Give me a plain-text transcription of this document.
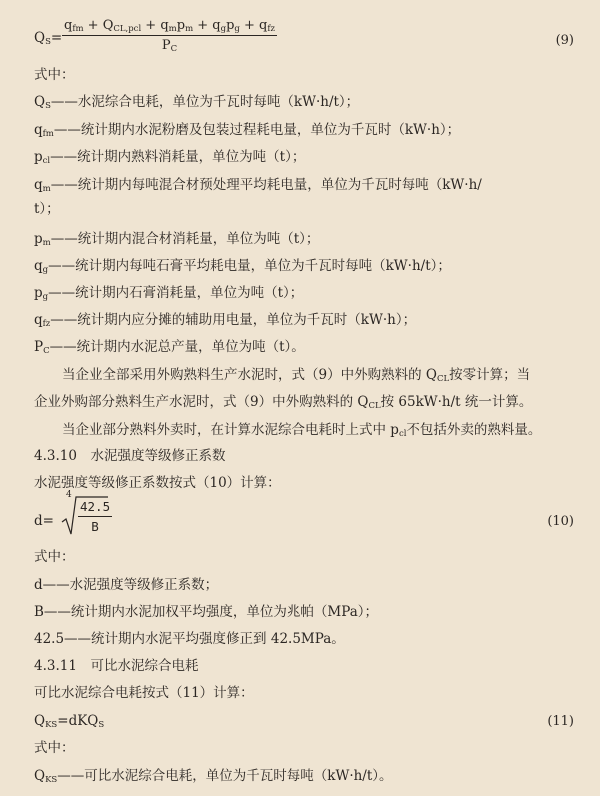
$Q_S=$
$q_{fm} + Q_{CL,pcl} + q_mp_m + q_gp_g + q_{fz}$
$P_C$
(9)
式中：
$Q_S——$水泥综合电耗，单位为千瓦时每吨（kW·h/t）；
$q_{fm}——$统计期内水泥粉磨及包装过程耗电量，单位为千瓦时（kW·h）；
$p_{cl}——$统计期内熟料消耗量，单位为吨（t）；
$q_m——$统计期内每吨混合材预处理平均耗电量，单位为千瓦时每吨（kW·h/
t）；
$p_m——$统计期内混合材消耗量，单位为吨（t）；
$q_g——$统计期内每吨石膏平均耗电量，单位为千瓦时每吨（kW·h/t）；
$p_g——$统计期内石膏消耗量，单位为吨（t）；
$q_{fz}——$统计期内应分摊的辅助用电量，单位为千瓦时（kW·h）；
$P_C——$统计期内水泥总产量，单位为吨（t）。
当企业全部采用外购熟料生产水泥时，式（9）中外购熟料的 $Q_{CL}$按零计算；当
企业外购部分熟料生产水泥时，式（9）中外购熟料的 $Q_{CL}$按 65kW·h/t 统一计算。
当企业部分熟料外卖时，在计算水泥综合电耗时上式中 $p_{cl}$不包括外卖的熟料量。
4.3.10　水泥强度等级修正系数
水泥强度等级修正系数按式（10）计算：
d=
4
$\frac{42.5}{B}$	(10)
式中：
d——水泥强度等级修正系数；
B——统计期内水泥加权平均强度，单位为兆帕（MPa）；
42.5——统计期内水泥平均强度修正到 42.5MPa。
4.3.11　可比水泥综合电耗
可比水泥综合电耗按式（11）计算：
$Q_{KS}=dKQ_S$	(11)
式中：
$Q_{KS}——$可比水泥综合电耗，单位为千瓦时每吨（kW·h/t）。
